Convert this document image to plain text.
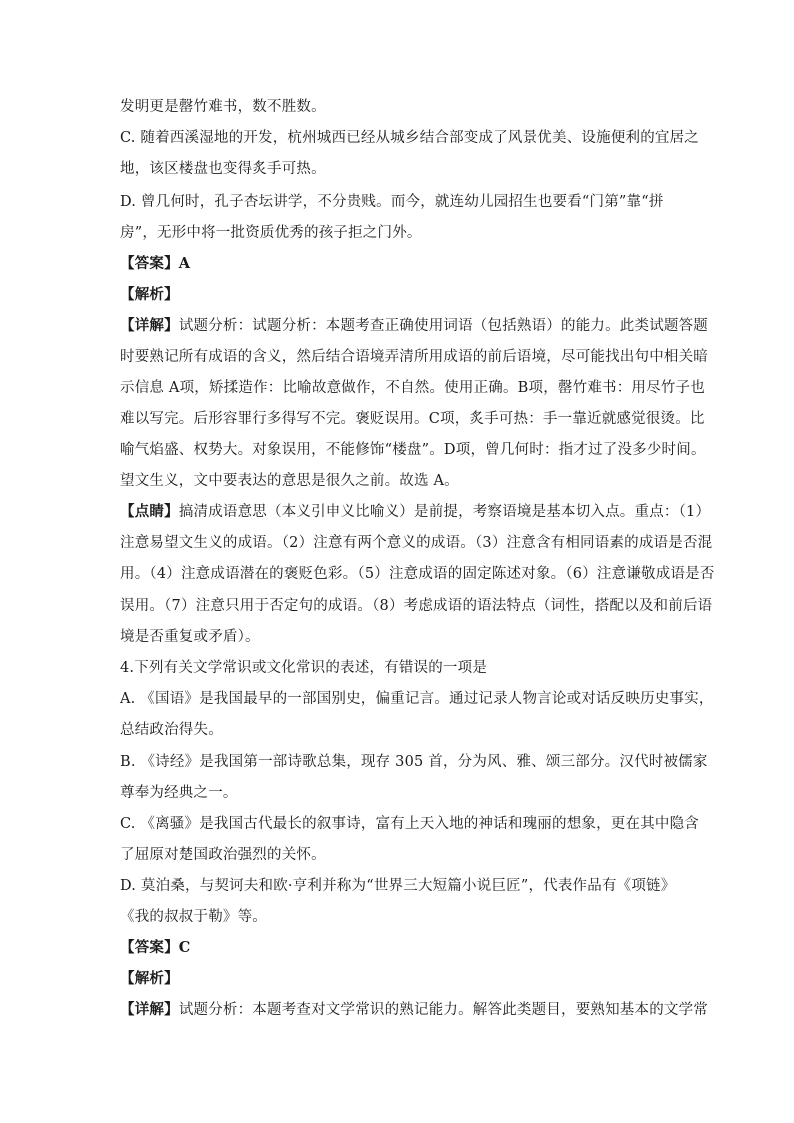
发明更是罄竹难书，数不胜数。
C. 随着西溪湿地的开发，杭州城西已经从城乡结合部变成了风景优美、设施便利的宜居之
地，该区楼盘也变得炙手可热。
D. 曾几何时，孔子杏坛讲学，不分贵贱。而今，就连幼儿园招生也要看“门第”靠“拼
房”，无形中将一批资质优秀的孩子拒之门外。
【答案】A
【解析】
【详解】试题分析：试题分析：本题考查正确使用词语（包括熟语）的能力。此类试题答题
时要熟记所有成语的含义，然后结合语境弄清所用成语的前后语境，尽可能找出句中相关暗
示信息 A项，矫揉造作：比喻故意做作，不自然。使用正确。B项，罄竹难书：用尽竹子也
难以写完。后形容罪行多得写不完。褒贬误用。C项，炙手可热：手一靠近就感觉很烫。比
喻气焰盛、权势大。对象误用，不能修饰“楼盘”。D项，曾几何时：指才过了没多少时间。
望文生义，文中要表达的意思是很久之前。故选 A。
【点睛】搞清成语意思（本义引申义比喻义）是前提，考察语境是基本切入点。重点：（1）
注意易望文生义的成语。（2）注意有两个意义的成语。（3）注意含有相同语素的成语是否混
用。（4）注意成语潜在的褒贬色彩。（5）注意成语的固定陈述对象。（6）注意谦敬成语是否
误用。（7）注意只用于否定句的成语。（8）考虑成语的语法特点（词性，搭配以及和前后语
境是否重复或矛盾）。
4.下列有关文学常识或文化常识的表述，有错误的一项是
A. 《国语》是我国最早的一部国别史，偏重记言。通过记录人物言论或对话反映历史事实，
总结政治得失。
B. 《诗经》是我国第一部诗歌总集，现存 305 首，分为风、雅、颂三部分。汉代时被儒家
尊奉为经典之一。
C. 《离骚》是我国古代最长的叙事诗，富有上天入地的神话和瑰丽的想象，更在其中隐含
了屈原对楚国政治强烈的关怀。
D. 莫泊桑，与契诃夫和欧·亨利并称为“世界三大短篇小说巨匠”，代表作品有《项链》
《我的叔叔于勒》等。
【答案】C
【解析】
【详解】试题分析：本题考查对文学常识的熟记能力。解答此类题目，要熟知基本的文学常
